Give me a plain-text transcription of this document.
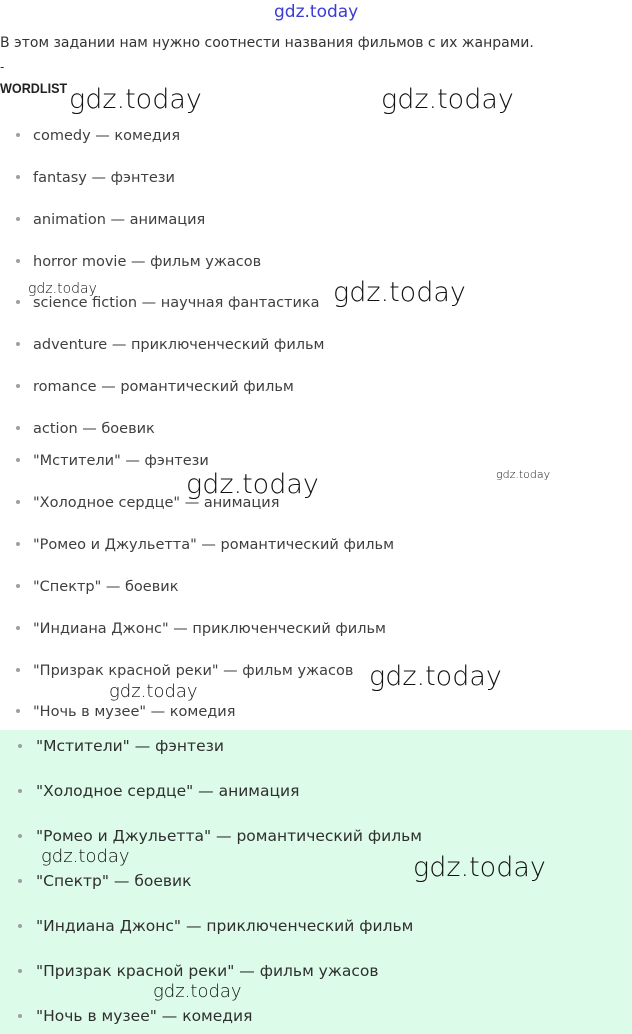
gdz.today
В этом задании нам нужно соотнести названия фильмов с их жанрами.
-
WORDLIST
comedy — комедия
fantasy — фэнтези
animation — анимация
horror movie — фильм ужасов
science fiction — научная фантастика
adventure — приключенческий фильм
romance — романтический фильм
action — боевик
"Мстители" — фэнтези
"Холодное сердце" — анимация
"Ромео и Джульетта" — романтический фильм
"Спектр" — боевик
"Индиана Джонс" — приключенческий фильм
"Призрак красной реки" — фильм ужасов
"Ночь в музее" — комедия
"Мстители" — фэнтези
"Холодное сердце" — анимация
"Ромео и Джульетта" — романтический фильм
"Спектр" — боевик
"Индиана Джонс" — приключенческий фильм
"Призрак красной реки" — фильм ужасов
"Ночь в музее" — комедия
gdz.today	gdz.today
gdz.today	gdz.today
gdz.today
gdz.today
gdz.today
gdz.today
gdz.today	gdz.today
gdz.today
